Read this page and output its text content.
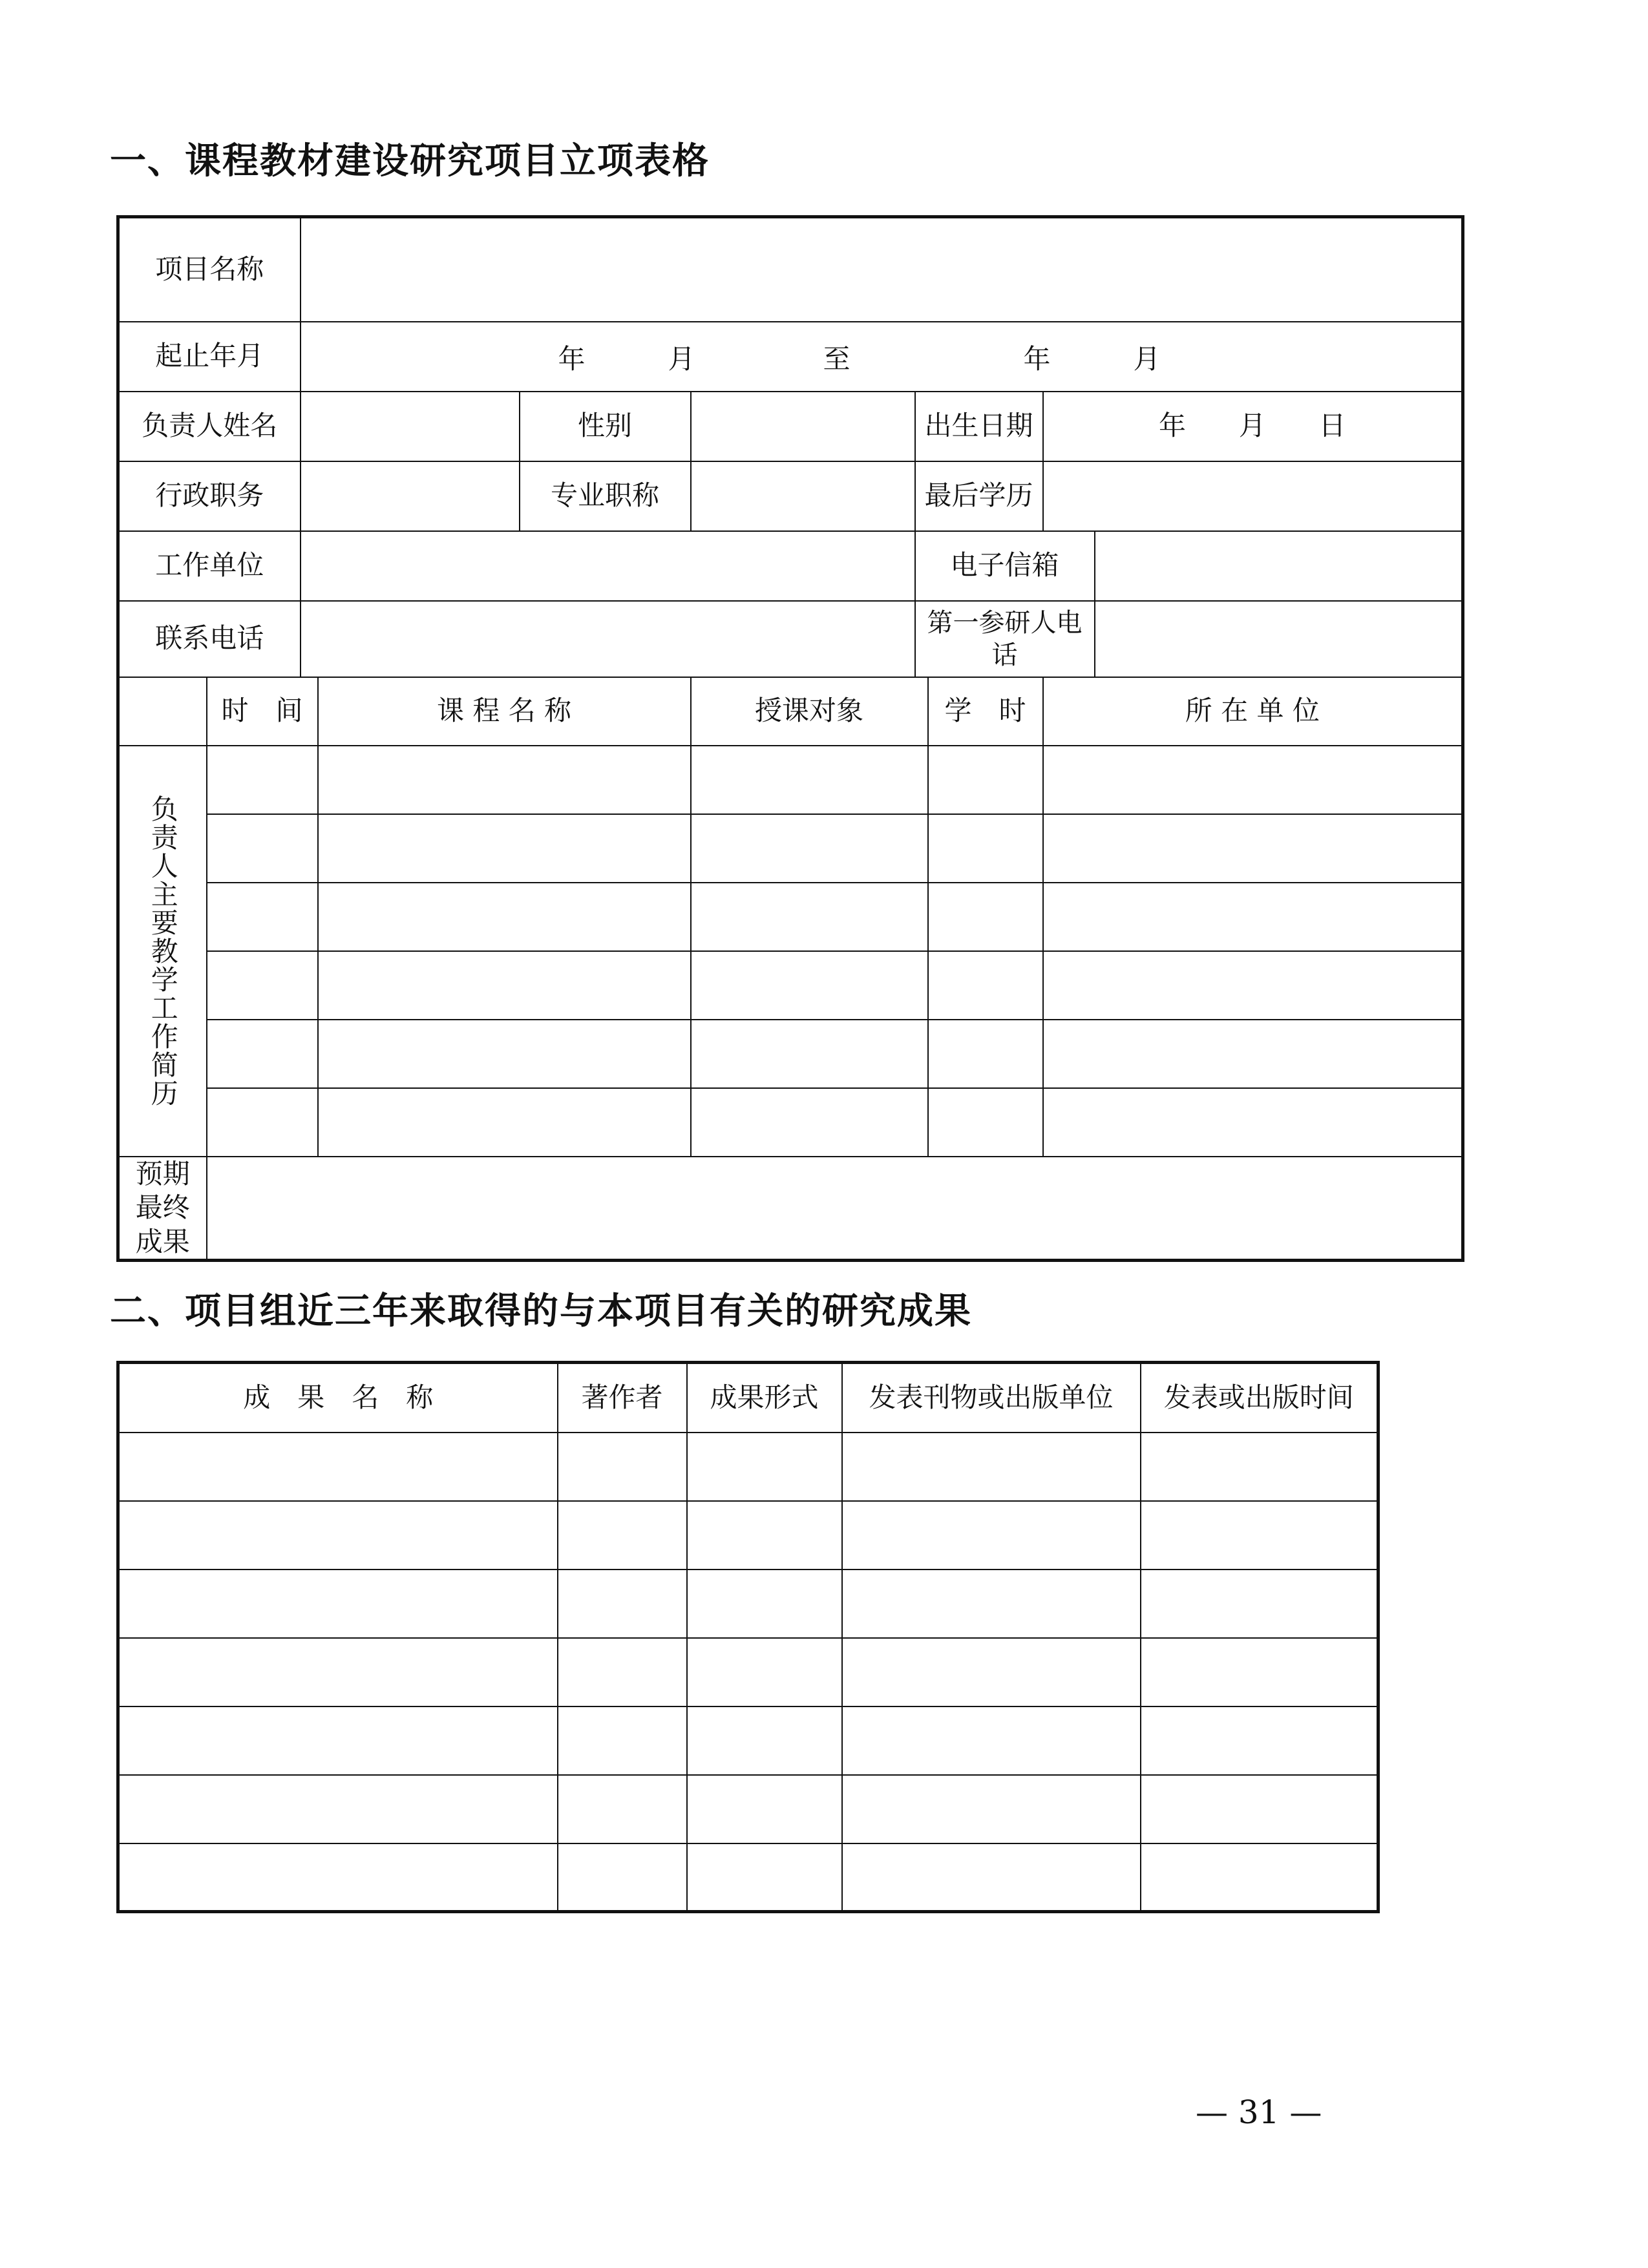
一、课程教材建设研究项目立项表格
项目名称									
起止年月		年 月 至 年 月							

负责人姓名				性别		出生日期		年 月 日	
行政职务				专业职称		最后学历			
工作单位						电子信箱			
联系电话						第一参研人电话			
	时　间		课 程 名 称		授课对象		学　时	所 在 单 位	

负责人主要教学工作简历									

预期最终成果									

二、项目组近三年来取得的与本项目有关的研究成果
成　果　名　称	著作者	成果形式	发表刊物或出版单位	发表或出版时间

— 31 —
